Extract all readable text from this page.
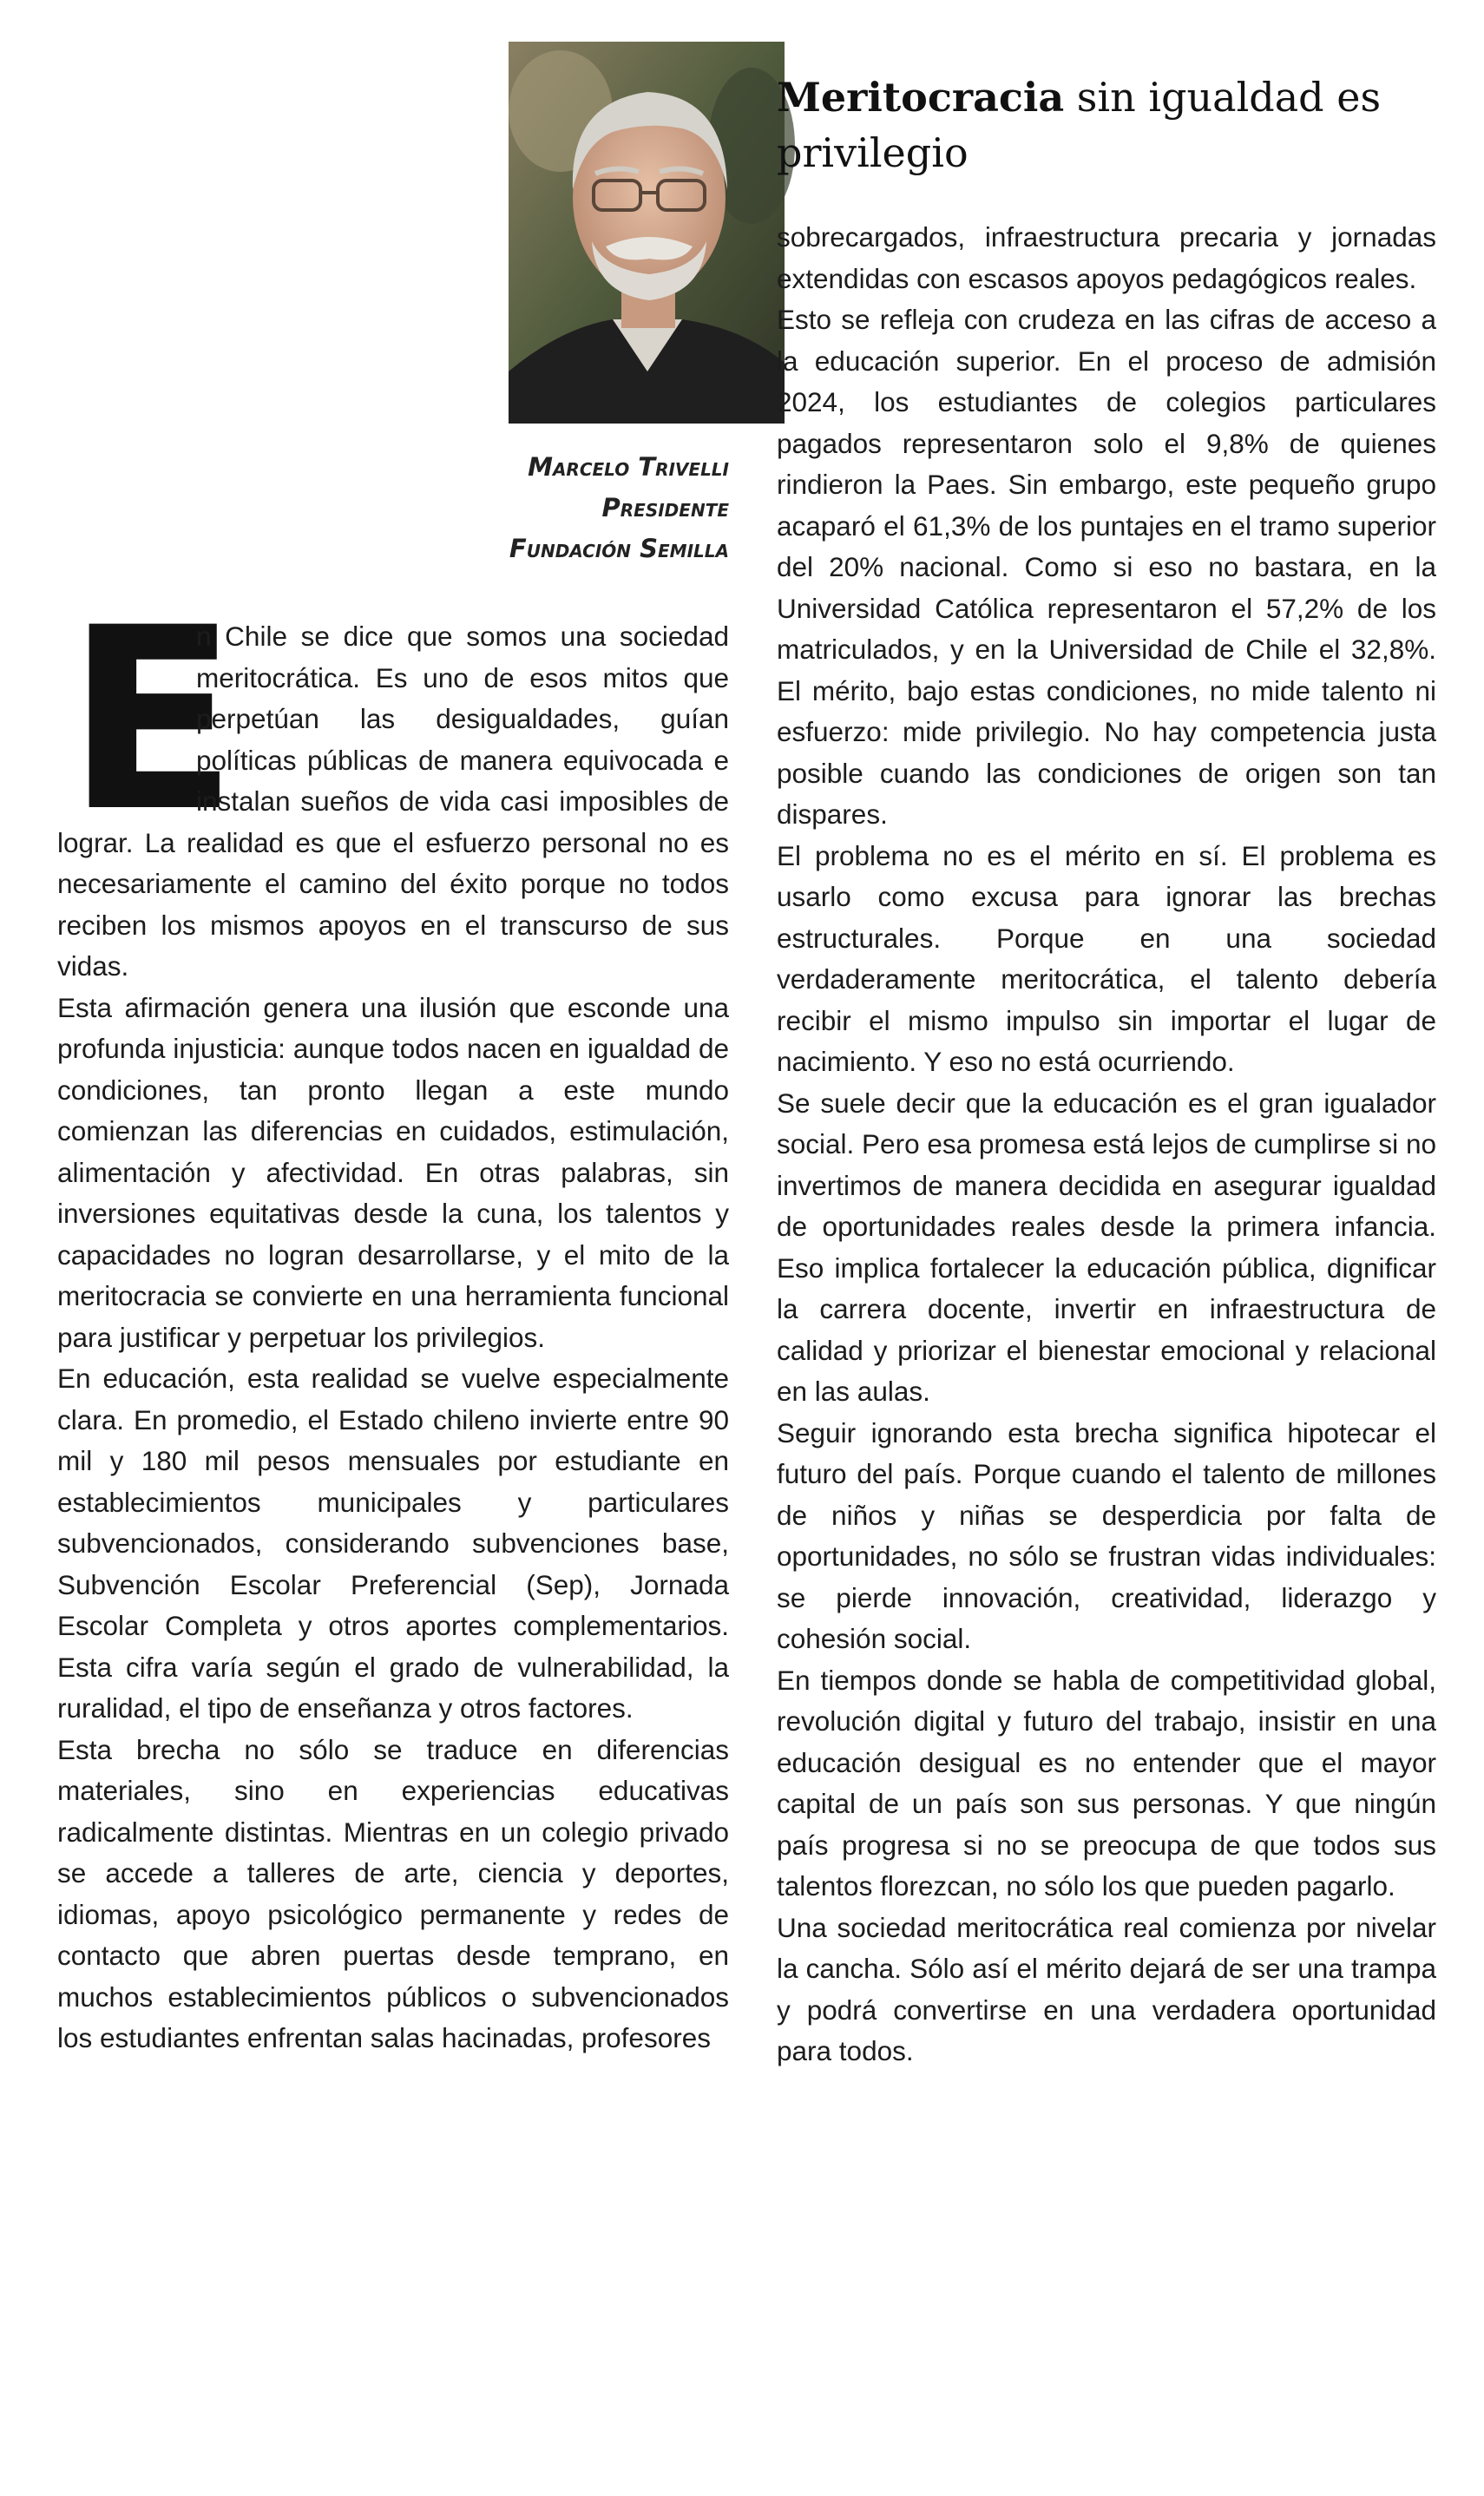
Marcelo Trivelli
Presidente
Fundación Semilla
E

n Chile se dice que somos una sociedad meritocrática. Es uno de esos mitos que perpetúan las desigualdades, guían políticas públicas de manera equivocada e instalan sueños de vida casi imposibles de lograr. La realidad es que el esfuerzo personal no es necesariamente el camino del éxito porque no todos reciben los mismos apoyos en el transcurso de sus vidas.

Esta afirmación genera una ilusión que esconde una profunda injusticia: aunque todos nacen en igualdad de condiciones, tan pronto llegan a este mundo comienzan las diferencias en cuidados, estimulación, alimentación y afectividad. En otras palabras, sin inversiones equitativas desde la cuna, los talentos y capacidades no logran desarrollarse, y el mito de la meritocracia se convierte en una herramienta funcional para justificar y perpetuar los privilegios.

En educación, esta realidad se vuelve especialmente clara. En promedio, el Estado chileno invierte entre 90 mil y 180 mil pesos mensuales por estudiante en establecimientos municipales y particulares subvencionados, considerando subvenciones base, Subvención Escolar Preferencial (Sep), Jornada Escolar Completa y otros aportes complementarios. Esta cifra varía según el grado de vulnerabilidad, la ruralidad, el tipo de enseñanza y otros factores.

Esta brecha no sólo se traduce en diferencias materiales, sino en experiencias educativas radicalmente distintas. Mientras en un colegio privado se accede a talleres de arte, ciencia y deportes, idiomas, apoyo psicológico permanente y redes de contacto que abren puertas desde temprano, en muchos establecimientos públicos o subvencionados los estudiantes enfrentan salas hacinadas, profesores

Meritocracia sin igualdad es privilegio

sobrecargados, infraestructura precaria y jornadas extendidas con escasos apoyos pedagógicos reales.

Esto se refleja con crudeza en las cifras de acceso a la educación superior. En el proceso de admisión 2024, los estudiantes de colegios particulares pagados representaron solo el 9,8% de quienes rindieron la Paes. Sin embargo, este pequeño grupo acaparó el 61,3% de los puntajes en el tramo superior del 20% nacional. Como si eso no bastara, en la Universidad Católica representaron el 57,2% de los matriculados, y en la Universidad de Chile el 32,8%. El mérito, bajo estas condiciones, no mide talento ni esfuerzo: mide privilegio. No hay competencia justa posible cuando las condiciones de origen son tan dispares.

El problema no es el mérito en sí. El problema es usarlo como excusa para ignorar las brechas estructurales. Porque en una sociedad verdaderamente meritocrática, el talento debería recibir el mismo impulso sin importar el lugar de nacimiento. Y eso no está ocurriendo.

Se suele decir que la educación es el gran igualador social. Pero esa promesa está lejos de cumplirse si no invertimos de manera decidida en asegurar igualdad de oportunidades reales desde la primera infancia. Eso implica fortalecer la educación pública, dignificar la carrera docente, invertir en infraestructura de calidad y priorizar el bienestar emocional y relacional en las aulas.

Seguir ignorando esta brecha significa hipotecar el futuro del país. Porque cuando el talento de millones de niños y niñas se desperdicia por falta de oportunidades, no sólo se frustran vidas individuales: se pierde innovación, creatividad, liderazgo y cohesión social.

En tiempos donde se habla de competitividad global, revolución digital y futuro del trabajo, insistir en una educación desigual es no entender que el mayor capital de un país son sus personas. Y que ningún país progresa si no se preocupa de que todos sus talentos florezcan, no sólo los que pueden pagarlo.

Una sociedad meritocrática real comienza por nivelar la cancha. Sólo así el mérito dejará de ser una trampa y podrá convertirse en una verdadera oportunidad para todos.
